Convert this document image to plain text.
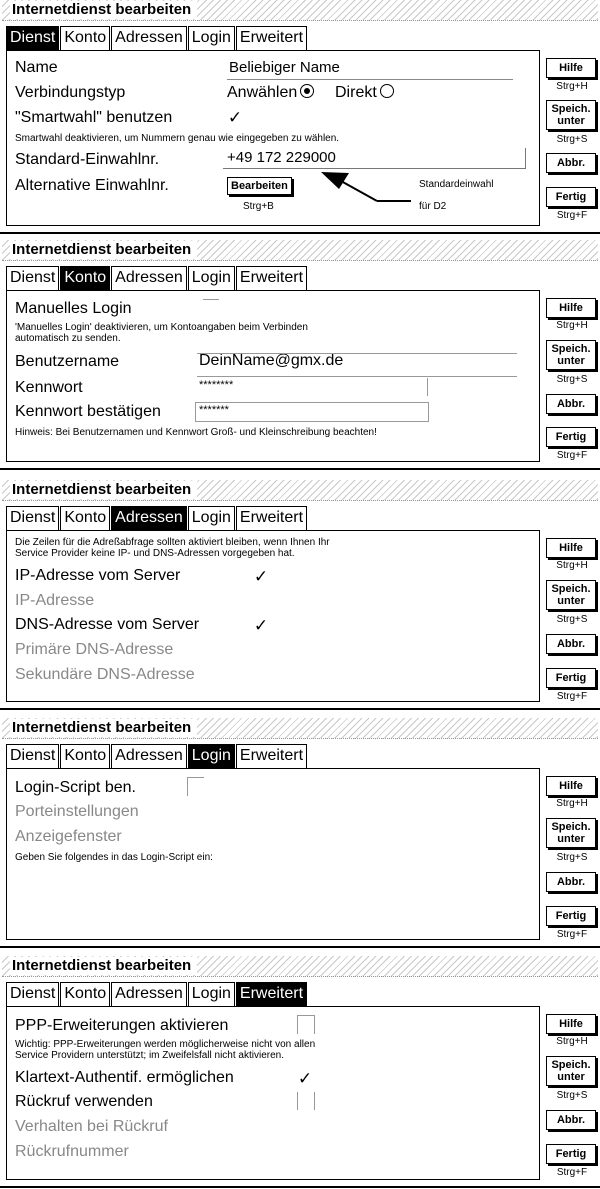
Internetdienst bearbeiten
Dienst Konto Adressen Login Erweitert
Name	Beliebiger Name
Verbindungstyp	Anwählen	Direkt
"Smartwahl" benutzen	✓
Smartwahl deaktivieren, um Nummern genau wie eingegeben zu wählen.
Standard-Einwahlnr.	+49 172 229000
Alternative Einwahlnr.	Bearbeiten
Strg+B
Standardeinwahl
für D2
Hilfe
Strg+H
Speich.
unter
Strg+S
Abbr.
Fertig
Strg+F
Internetdienst bearbeiten
Dienst Konto Adressen Login Erweitert
Manuelles Login
'Manuelles Login' deaktivieren, um Kontoangaben beim Verbinden
automatisch zu senden.
Benutzername	DeinName@gmx.de
Kennwort	********
Kennwort bestätigen	*******
Hinweis: Bei Benutzernamen und Kennwort Groß- und Kleinschreibung beachten!
Hilfe
Strg+H
Speich.
unter
Strg+S
Abbr.
Fertig
Strg+F
Internetdienst bearbeiten
Dienst Konto Adressen Login Erweitert
Die Zeilen für die Adreßabfrage sollten aktiviert bleiben, wenn Ihnen Ihr
Service Provider keine IP- und DNS-Adressen vorgegeben hat.
IP-Adresse vom Server	✓
IP-Adresse
DNS-Adresse vom Server	✓
Primäre DNS-Adresse
Sekundäre DNS-Adresse
Hilfe
Strg+H
Speich.
unter
Strg+S
Abbr.
Fertig
Strg+F
Internetdienst bearbeiten
Dienst Konto Adressen Login Erweitert
Login-Script ben.
Porteinstellungen
Anzeigefenster
Geben Sie folgendes in das Login-Script ein:
Hilfe
Strg+H
Speich.
unter
Strg+S
Abbr.
Fertig
Strg+F
Internetdienst bearbeiten
Dienst Konto Adressen Login Erweitert
PPP-Erweiterungen aktivieren
Wichtig: PPP-Erweiterungen werden möglicherweise nicht von allen
Service Providern unterstützt; im Zweifelsfall nicht aktivieren.
Klartext-Authentif. ermöglichen	✓
Rückruf verwenden
Verhalten bei Rückruf
Rückrufnummer
Hilfe
Strg+H
Speich.
unter
Strg+S
Abbr.
Fertig
Strg+F
